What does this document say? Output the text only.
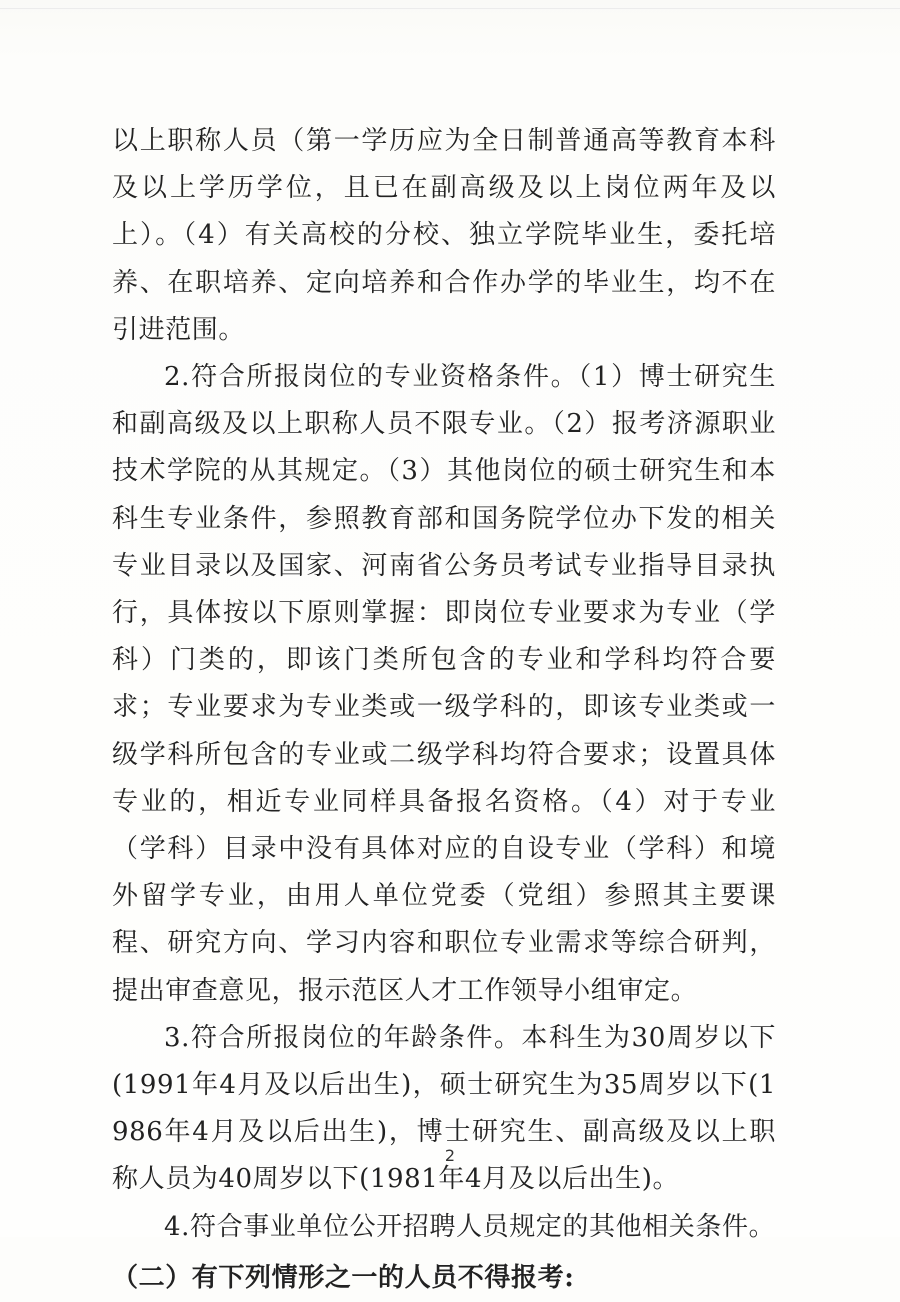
以上职称人员（第一学历应为全日制普通高等教育本科及以上学历学位，且已在副高级及以上岗位两年及以上）。（4）有关高校的分校、独立学院毕业生，委托培养、在职培养、定向培养和合作办学的毕业生，均不在引进范围。

2.符合所报岗位的专业资格条件。（1）博士研究生和副高级及以上职称人员不限专业。（2）报考济源职业技术学院的从其规定。（3）其他岗位的硕士研究生和本科生专业条件，参照教育部和国务院学位办下发的相关专业目录以及国家、河南省公务员考试专业指导目录执行，具体按以下原则掌握：即岗位专业要求为专业（学科）门类的，即该门类所包含的专业和学科均符合要求；专业要求为专业类或一级学科的，即该专业类或一级学科所包含的专业或二级学科均符合要求；设置具体专业的，相近专业同样具备报名资格。（4）对于专业（学科）目录中没有具体对应的自设专业（学科）和境外留学专业，由用人单位党委（党组）参照其主要课程、研究方向、学习内容和职位专业需求等综合研判，提出审查意见，报示范区人才工作领导小组审定。

3.符合所报岗位的年龄条件。本科生为30周岁以下(1991年4月及以后出生)，硕士研究生为35周岁以下(1986年4月及以后出生)，博士研究生、副高级及以上职称人员为40周岁以下(1981年4月及以后出生)。

4.符合事业单位公开招聘人员规定的其他相关条件。

（二）有下列情形之一的人员不得报考:

2
